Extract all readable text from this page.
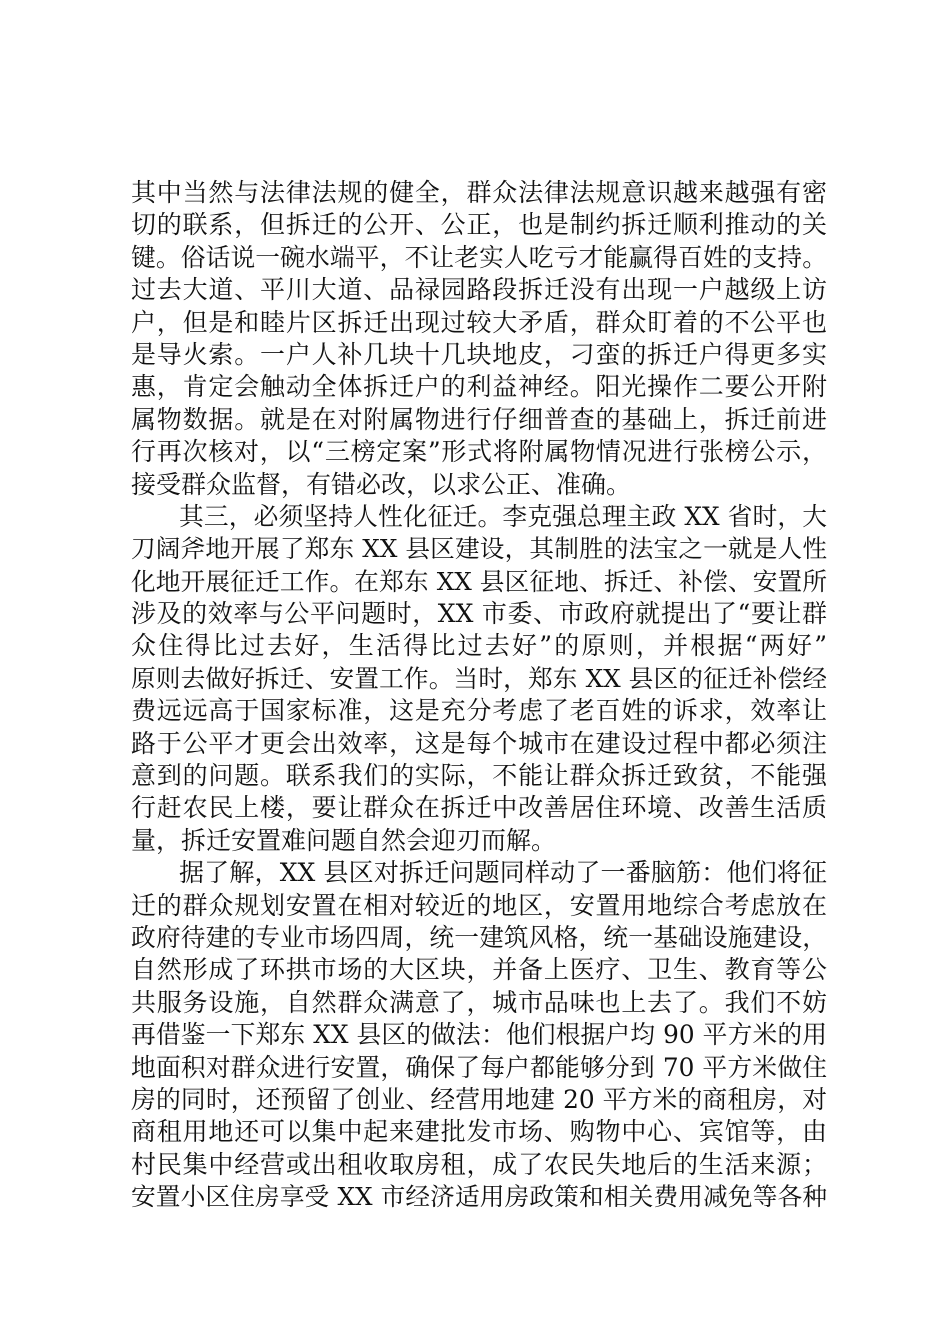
其中当然与法律法规的健全，群众法律法规意识越来越强有密
切的联系，但拆迁的公开、公正，也是制约拆迁顺利推动的关
键。俗话说一碗水端平，不让老实人吃亏才能赢得百姓的支持。
过去大道、平川大道、品禄园路段拆迁没有出现一户越级上访
户，但是和睦片区拆迁出现过较大矛盾，群众盯着的不公平也
是导火索。一户人补几块十几块地皮，刁蛮的拆迁户得更多实
惠，肯定会触动全体拆迁户的利益神经。阳光操作二要公开附
属物数据。就是在对附属物进行仔细普查的基础上，拆迁前进
行再次核对，以“三榜定案”形式将附属物情况进行张榜公示，
接受群众监督，有错必改，以求公正、准确。
其三，必须坚持人性化征迁。李克强总理主政 XX 省时，大
刀阔斧地开展了郑东 XX 县区建设，其制胜的法宝之一就是人性
化地开展征迁工作。在郑东 XX 县区征地、拆迁、补偿、安置所
涉及的效率与公平问题时，XX 市委、市政府就提出了“要让群
众住得比过去好，生活得比过去好”的原则，并根据“两好”
原则去做好拆迁、安置工作。当时，郑东 XX 县区的征迁补偿经
费远远高于国家标准，这是充分考虑了老百姓的诉求，效率让
路于公平才更会出效率，这是每个城市在建设过程中都必须注
意到的问题。联系我们的实际，不能让群众拆迁致贫，不能强
行赶农民上楼，要让群众在拆迁中改善居住环境、改善生活质
量，拆迁安置难问题自然会迎刃而解。
据了解，XX 县区对拆迁问题同样动了一番脑筋：他们将征
迁的群众规划安置在相对较近的地区，安置用地综合考虑放在
政府待建的专业市场四周，统一建筑风格，统一基础设施建设，
自然形成了环拱市场的大区块，并备上医疗、卫生、教育等公
共服务设施，自然群众满意了，城市品味也上去了。我们不妨
再借鉴一下郑东 XX 县区的做法：他们根据户均 90 平方米的用
地面积对群众进行安置，确保了每户都能够分到 70 平方米做住
房的同时，还预留了创业、经营用地建 20 平方米的商租房，对
商租用地还可以集中起来建批发市场、购物中心、宾馆等，由
村民集中经营或出租收取房租，成了农民失地后的生活来源；
安置小区住房享受 XX 市经济适用房政策和相关费用减免等各种
